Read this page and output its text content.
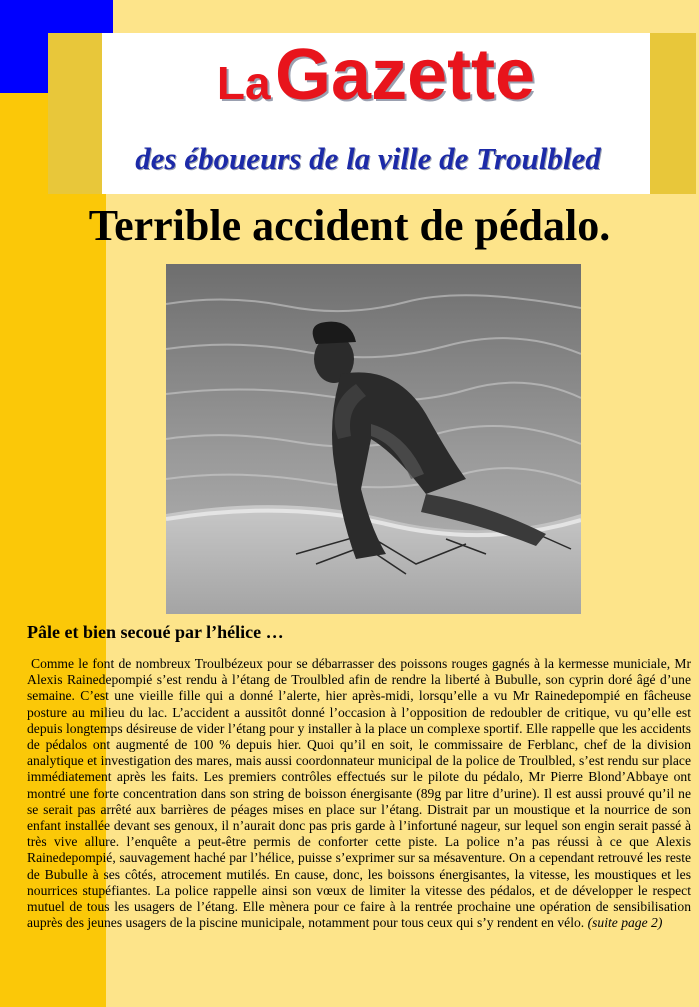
La Gazette
des ébo​ueurs de la ville de Troulbled
Terrible accident de pédalo.
Pâle et bien secoué par l’hélice …

Comme le font de nombreux Troulbézeux pour se débarrasser des poissons rouges gagnés à la kermesse municiale, Mr Alexis Rainedepompié s’est rendu à l’étang de Troulbled afin de rendre la liberté à Bubulle, son cyprin doré âgé d’une semaine. C’est une vieille fille qui a donné l’alerte, hier après-midi, lorsqu’elle a vu Mr Rainedepompié en fâcheuse posture au milieu du lac. L’accident a aussitôt donné l’occasion à l’opposition de redoubler de critique, vu qu’elle est depuis longtemps désireuse de vider l’étang pour y installer à la place un complexe sportif. Elle rappelle que les accidents de pédalos ont augmenté de 100 % depuis hier. Quoi qu’il en soit, le commissaire de Ferblanc, chef de la division analytique et investigation des mares, mais aussi coordonnateur municipal de la police de Troulbled, s’est rendu sur place immédiatement après les faits. Les premiers contrôles effectués sur le pilote du pédalo, Mr Pierre Blond’Abbaye ont montré une forte concentration dans son string de boisson énergisante (89g par litre d’urine). Il est aussi prouvé qu’il ne se serait pas arrêté aux barrières de péages mises en place sur l’étang. Distrait par un moustique et la nourrice de son enfant installée devant ses genoux, il n’aurait donc pas pris garde à l’infortuné nageur, sur lequel son engin serait passé à très vive allure. l’enquête a peut-être permis de conforter cette piste. La police n’a pas réussi à ce que Alexis Rainedepompié, sauvagement haché par l’hélice, puisse s’exprimer sur sa mésaventure. On a cependant retrouvé les reste de Bubulle à ses côtés, atrocement mutilés. En cause, donc, les boissons énergisantes, la vitesse, les moustiques et les nourrices stupéfiantes. La police rappelle ainsi son vœux de limiter la vitesse des pédalos, et de développer le respect mutuel de tous les usagers de l’étang. Elle mènera pour ce faire à la rentrée prochaine une opération de sensibilisation auprès des jeunes usagers de la piscine municipale, notamment pour tous ceux qui s’y rendent en vélo. (suite page 2)
